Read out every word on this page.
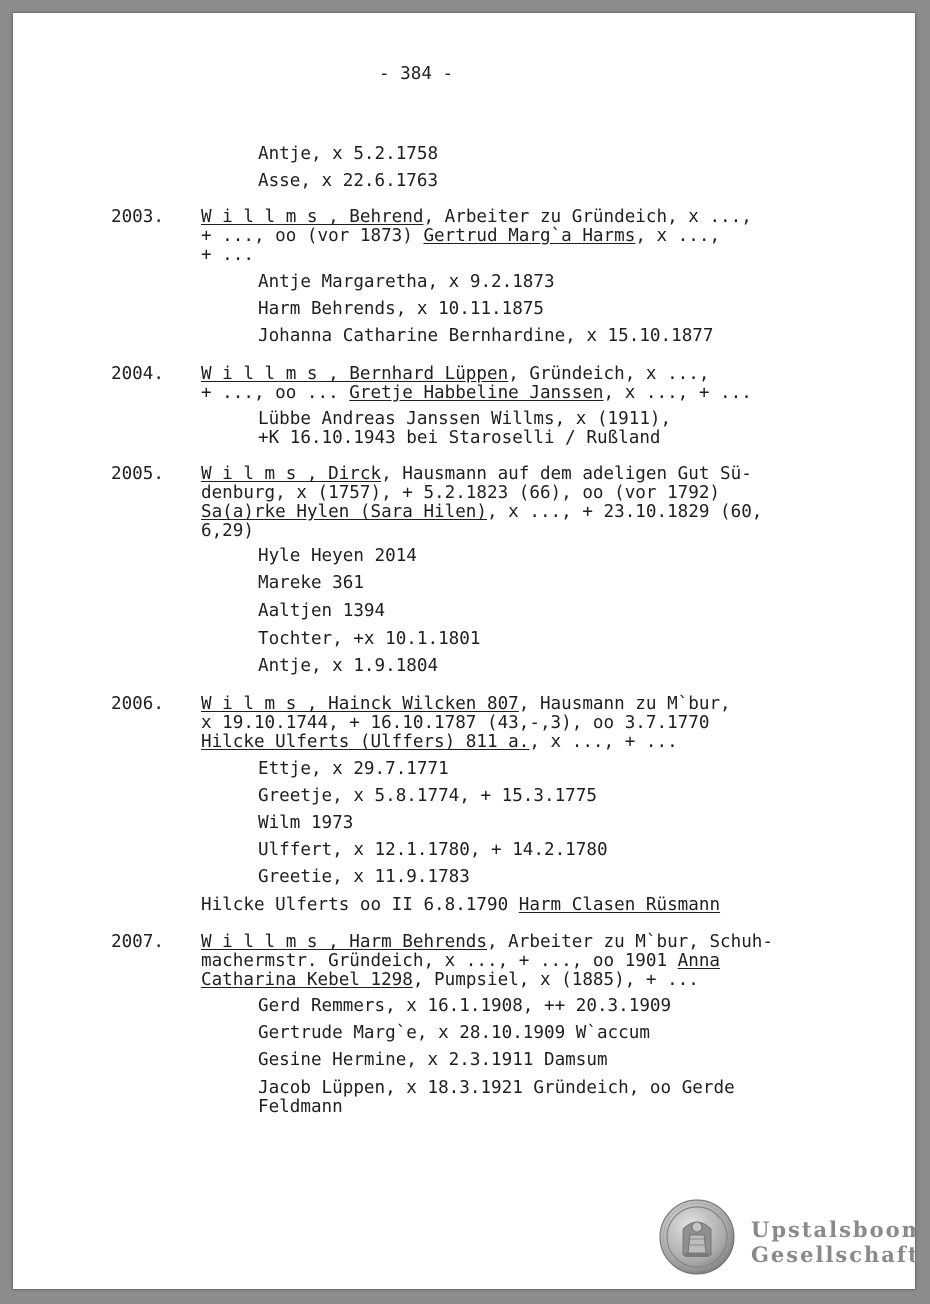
- 384 -
Antje, x 5.2.1758
Asse, x 22.6.1763
2003. W i l l m s , Behrend, Arbeiter zu Gründeich, x ...,
+ ..., oo (vor 1873) Gertrud Marg`a Harms, x ...,
+ ...
Antje Margaretha, x 9.2.1873
Harm Behrends, x 10.11.1875
Johanna Catharine Bernhardine, x 15.10.1877
2004. W i l l m s , Bernhard Lüppen, Gründeich, x ...,
+ ..., oo ... Gretje Habbeline Janssen, x ..., + ...
Lübbe Andreas Janssen Willms, x (1911),
+K 16.10.1943 bei Staroselli / Rußland
2005. W i l m s , Dirck, Hausmann auf dem adeligen Gut Sü-
denburg, x (1757), + 5.2.1823 (66), oo (vor 1792)
Sa(a)rke Hylen (Sara Hilen), x ..., + 23.10.1829 (60,
6,29)
Hyle Heyen 2014
Mareke 361
Aaltjen 1394
Tochter, +x 10.1.1801
Antje, x 1.9.1804
2006. W i l m s , Hainck Wilcken 807, Hausmann zu M`bur,
x 19.10.1744, + 16.10.1787 (43,-,3), oo 3.7.1770
Hilcke Ulferts (Ulffers) 811 a., x ..., + ...
Ettje, x 29.7.1771
Greetje, x 5.8.1774, + 15.3.1775
Wilm 1973
Ulffert, x 12.1.1780, + 14.2.1780
Greetie, x 11.9.1783
Hilcke Ulferts oo II 6.8.1790 Harm Clasen Rüsmann
2007. W i l l m s , Harm Behrends, Arbeiter zu M`bur, Schuh-
machermstr. Gründeich, x ..., + ..., oo 1901 Anna
Catharina Kebel 1298, Pumpsiel, x (1885), + ...
Gerd Remmers, x 16.1.1908, ++ 20.3.1909
Gertrude Marg`e, x 28.10.1909 W`accum
Gesine Hermine, x 2.3.1911 Damsum
Jacob Lüppen, x 18.3.1921 Gründeich, oo Gerde
Feldmann
Upstalsboom
Gesellschaft
